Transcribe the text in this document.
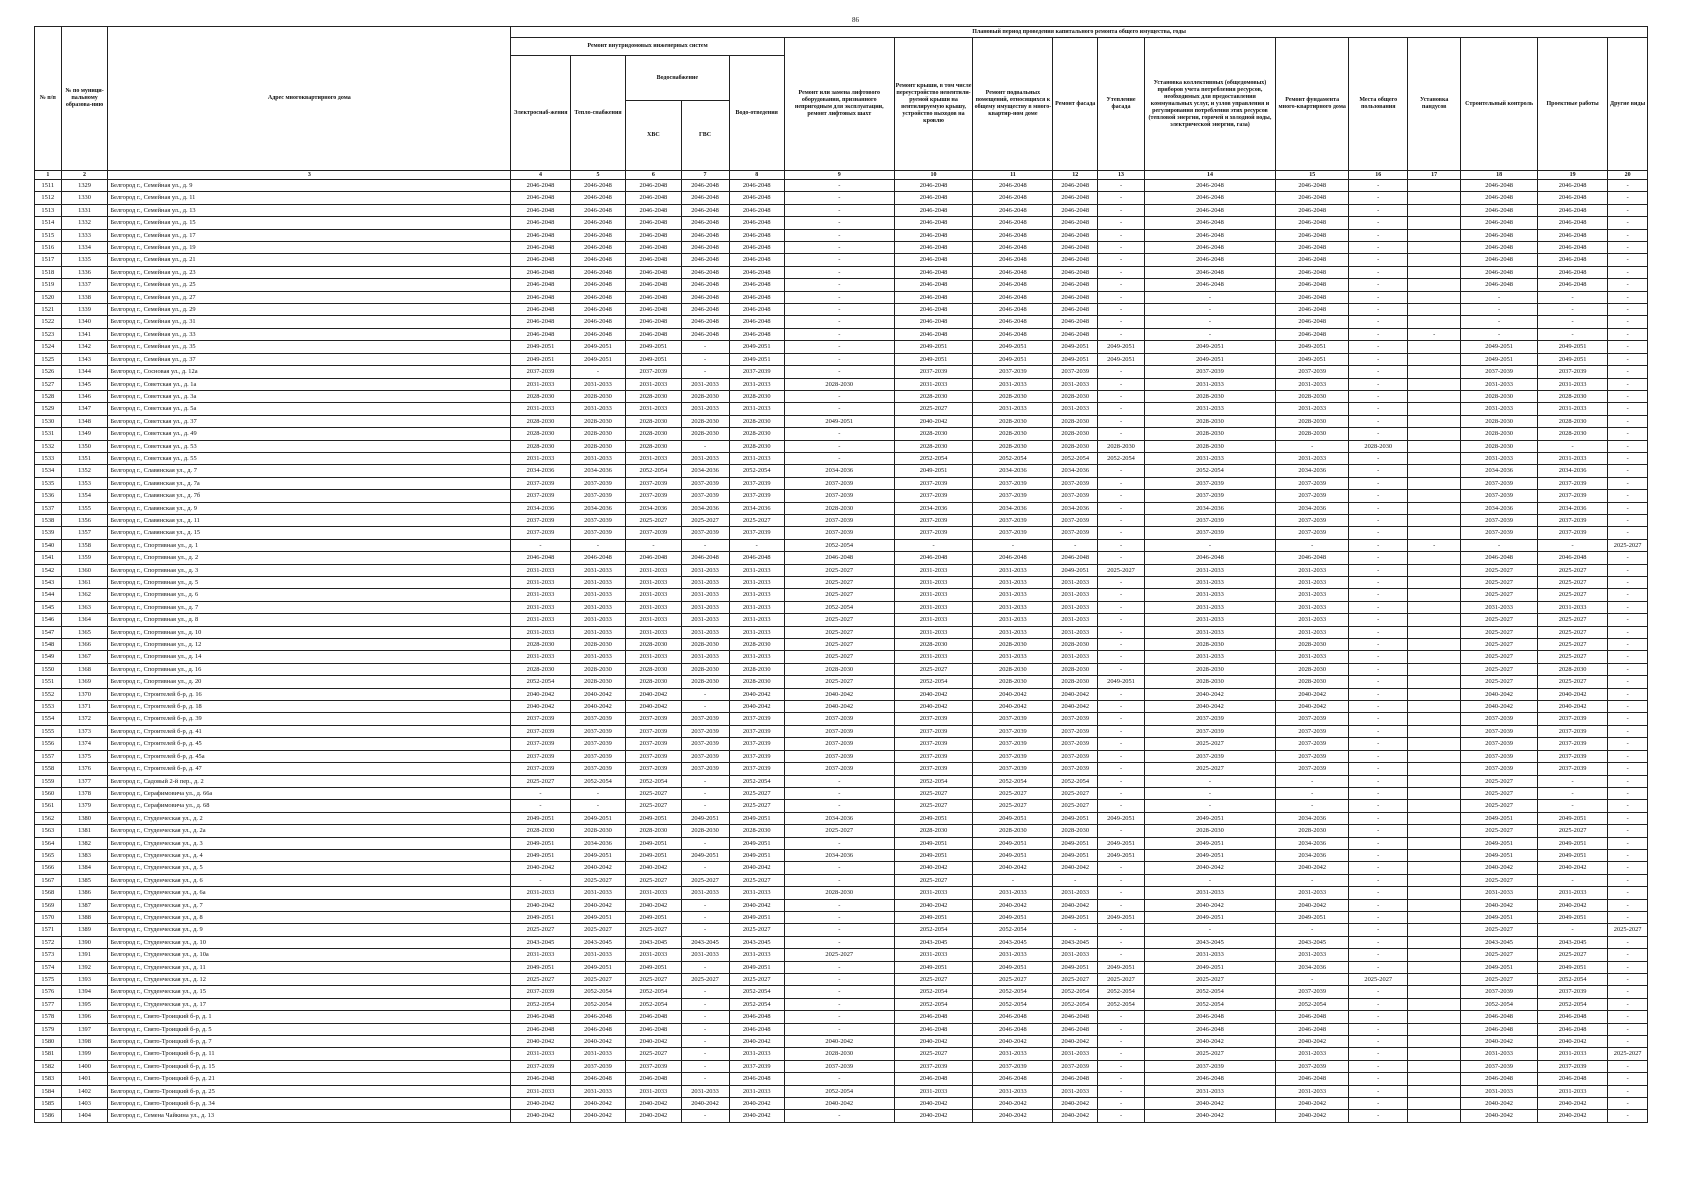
86
№ п/п	№ по муници-пальному образова-нию	Адрес многоквартирного дома	Плановый период проведения капитального ремонта общего имущества, годы																
			Ремонт внутридомовых инженерных систем					Ремонт или замена лифтового оборудования, признанного непригодным для эксплуатации, ремонт лифтовых шахт	Ремонт крыши, в том числе переустройство невентили-руемой крыши на вентилируемую крышу, устройство выходов на кровлю	Ремонт подвальных помещений, относящихся к общему имуществу в много-квартир-ном доме	Ремонт фасада	Утепление фасада	Установка коллективных (общедомовых) приборов учета потребления ресурсов, необходимых для предоставления коммунальных услуг, и узлов управления и регулирования потребления этих ресурсов (тепловой энергии, горячей и холодной воды, электрической энергии, газа)	Ремонт фундамента много-квартирного дома	Места общего пользования	Установка пандусов	Строительный контроль	Проектные работы	Другие виды
			Электроснаб-жения	Тепло-снабжения	Водоснабжение		Водо-отведения												
					ХВС	ГВС													
1	2	3	4	5	6	7	8	9	10	11	12	13	14	15	16	17	18	19	20
1511	1329	Белгород г., Семейная ул., д. 9	2046-2048	2046-2048	2046-2048	2046-2048	2046-2048	-	2046-2048	2046-2048	2046-2048	-	2046-2048	2046-2048	-		2046-2048	2046-2048	-
1512	1330	Белгород г., Семейная ул., д. 11	2046-2048	2046-2048	2046-2048	2046-2048	2046-2048	-	2046-2048	2046-2048	2046-2048	-	2046-2048	2046-2048	-		2046-2048	2046-2048	-
1513	1331	Белгород г., Семейная ул., д. 13	2046-2048	2046-2048	2046-2048	2046-2048	2046-2048	-	2046-2048	2046-2048	2046-2048	-	2046-2048	2046-2048	-		2046-2048	2046-2048	-
1514	1332	Белгород г., Семейная ул., д. 15	2046-2048	2046-2048	2046-2048	2046-2048	2046-2048	-	2046-2048	2046-2048	2046-2048	-	2046-2048	2046-2048	-		2046-2048	2046-2048	-
1515	1333	Белгород г., Семейная ул., д. 17	2046-2048	2046-2048	2046-2048	2046-2048	2046-2048	-	2046-2048	2046-2048	2046-2048	-	2046-2048	2046-2048	-		2046-2048	2046-2048	-
1516	1334	Белгород г., Семейная ул., д. 19	2046-2048	2046-2048	2046-2048	2046-2048	2046-2048	-	2046-2048	2046-2048	2046-2048	-	2046-2048	2046-2048	-		2046-2048	2046-2048	-
1517	1335	Белгород г., Семейная ул., д. 21	2046-2048	2046-2048	2046-2048	2046-2048	2046-2048	-	2046-2048	2046-2048	2046-2048	-	2046-2048	2046-2048	-		2046-2048	2046-2048	-
1518	1336	Белгород г., Семейная ул., д. 23	2046-2048	2046-2048	2046-2048	2046-2048	2046-2048	-	2046-2048	2046-2048	2046-2048	-	2046-2048	2046-2048	-		2046-2048	2046-2048	-
1519	1337	Белгород г., Семейная ул., д. 25	2046-2048	2046-2048	2046-2048	2046-2048	2046-2048	-	2046-2048	2046-2048	2046-2048	-	2046-2048	2046-2048	-		2046-2048	2046-2048	-
1520	1338	Белгород г., Семейная ул., д. 27	2046-2048	2046-2048	2046-2048	2046-2048	2046-2048	-	2046-2048	2046-2048	2046-2048	-	-	2046-2048	-		-	-	-
1521	1339	Белгород г., Семейная ул., д. 29	2046-2048	2046-2048	2046-2048	2046-2048	2046-2048	-	2046-2048	2046-2048	2046-2048	-	-	2046-2048	-		-	-	-
1522	1340	Белгород г., Семейная ул., д. 31	2046-2048	2046-2048	2046-2048	2046-2048	2046-2048	-	2046-2048	2046-2048	2046-2048	-	-	2046-2048	-		-	-	-
1523	1341	Белгород г., Семейная ул., д. 33	2046-2048	2046-2048	2046-2048	2046-2048	2046-2048	-	2046-2048	2046-2048	2046-2048	-	-	2046-2048	-	-	-	-	-
1524	1342	Белгород г., Семейная ул., д. 35	2049-2051	2049-2051	2049-2051	-	2049-2051	-	2049-2051	2049-2051	2049-2051	2049-2051	2049-2051	2049-2051	-		2049-2051	2049-2051	-
1525	1343	Белгород г., Семейная ул., д. 37	2049-2051	2049-2051	2049-2051	-	2049-2051	-	2049-2051	2049-2051	2049-2051	2049-2051	2049-2051	2049-2051	-		2049-2051	2049-2051	-
1526	1344	Белгород г., Сосновая ул., д. 12а	2037-2039	-	2037-2039	-	2037-2039	-	2037-2039	2037-2039	2037-2039	-	2037-2039	2037-2039	-		2037-2039	2037-2039	-
1527	1345	Белгород г., Советская ул., д. 1а	2031-2033	2031-2033	2031-2033	2031-2033	2031-2033	2028-2030	2031-2033	2031-2033	2031-2033	-	2031-2033	2031-2033	-		2031-2033	2031-2033	-
1528	1346	Белгород г., Советская ул., д. 3а	2028-2030	2028-2030	2028-2030	2028-2030	2028-2030	-	2028-2030	2028-2030	2028-2030	-	2028-2030	2028-2030	-		2028-2030	2028-2030	-
1529	1347	Белгород г., Советская ул., д. 5а	2031-2033	2031-2033	2031-2033	2031-2033	2031-2033	-	2025-2027	2031-2033	2031-2033	-	2031-2033	2031-2033	-		2031-2033	2031-2033	-
1530	1348	Белгород г., Советская ул., д. 37	2028-2030	2028-2030	2028-2030	2028-2030	2028-2030	2049-2051	2040-2042	2028-2030	2028-2030	-	2028-2030	2028-2030	-		2028-2030	2028-2030	-
1531	1349	Белгород г., Советская ул., д. 49	2028-2030	2028-2030	2028-2030	2028-2030	2028-2030	-	2028-2030	2028-2030	2028-2030	-	2028-2030	2028-2030	-		2028-2030	2028-2030	-
1532	1350	Белгород г., Советская ул., д. 53	2028-2030	2028-2030	2028-2030	-	2028-2030	-	2028-2030	2028-2030	2028-2030	2028-2030	2028-2030	-	2028-2030		2028-2030	-	-
1533	1351	Белгород г., Советская ул., д. 55	2031-2033	2031-2033	2031-2033	2031-2033	2031-2033	-	2052-2054	2052-2054	2052-2054	2052-2054	2031-2033	2031-2033	-		2031-2033	2031-2033	-
1534	1352	Белгород г., Славянская ул., д. 7	2034-2036	2034-2036	2052-2054	2034-2036	2052-2054	2034-2036	2049-2051	2034-2036	2034-2036	-	2052-2054	2034-2036	-		2034-2036	2034-2036	-
1535	1353	Белгород г., Славянская ул., д. 7а	2037-2039	2037-2039	2037-2039	2037-2039	2037-2039	2037-2039	2037-2039	2037-2039	2037-2039	-	2037-2039	2037-2039	-		2037-2039	2037-2039	-
1536	1354	Белгород г., Славянская ул., д. 7б	2037-2039	2037-2039	2037-2039	2037-2039	2037-2039	2037-2039	2037-2039	2037-2039	2037-2039	-	2037-2039	2037-2039	-		2037-2039	2037-2039	-
1537	1355	Белгород г., Славянская ул., д. 9	2034-2036	2034-2036	2034-2036	2034-2036	2034-2036	2028-2030	2034-2036	2034-2036	2034-2036	-	2034-2036	2034-2036	-		2034-2036	2034-2036	-
1538	1356	Белгород г., Славянская ул., д. 11	2037-2039	2037-2039	2025-2027	2025-2027	2025-2027	2037-2039	2037-2039	2037-2039	2037-2039	-	2037-2039	2037-2039	-		2037-2039	2037-2039	-
1539	1357	Белгород г., Славянская ул., д. 15	2037-2039	2037-2039	2037-2039	2037-2039	2037-2039	2037-2039	2037-2039	2037-2039	2037-2039	-	2037-2039	2037-2039	-		2037-2039	2037-2039	-
1540	1358	Белгород г., Спортивная ул., д. 1	-	-	-	-	-	2052-2054	-	-	-	-	-	-	-	-	-	-	2025-2027
1541	1359	Белгород г., Спортивная ул., д. 2	2046-2048	2046-2048	2046-2048	2046-2048	2046-2048	2046-2048	2046-2048	2046-2048	2046-2048	-	2046-2048	2046-2048	-		2046-2048	2046-2048	-
1542	1360	Белгород г., Спортивная ул., д. 3	2031-2033	2031-2033	2031-2033	2031-2033	2031-2033	2025-2027	2031-2033	2031-2033	2049-2051	2025-2027	2031-2033	2031-2033	-		2025-2027	2025-2027	-
1543	1361	Белгород г., Спортивная ул., д. 5	2031-2033	2031-2033	2031-2033	2031-2033	2031-2033	2025-2027	2031-2033	2031-2033	2031-2033	-	2031-2033	2031-2033	-		2025-2027	2025-2027	-
1544	1362	Белгород г., Спортивная ул., д. 6	2031-2033	2031-2033	2031-2033	2031-2033	2031-2033	2025-2027	2031-2033	2031-2033	2031-2033	-	2031-2033	2031-2033	-		2025-2027	2025-2027	-
1545	1363	Белгород г., Спортивная ул., д. 7	2031-2033	2031-2033	2031-2033	2031-2033	2031-2033	2052-2054	2031-2033	2031-2033	2031-2033	-	2031-2033	2031-2033	-		2031-2033	2031-2033	-
1546	1364	Белгород г., Спортивная ул., д. 8	2031-2033	2031-2033	2031-2033	2031-2033	2031-2033	2025-2027	2031-2033	2031-2033	2031-2033	-	2031-2033	2031-2033	-		2025-2027	2025-2027	-
1547	1365	Белгород г., Спортивная ул., д. 10	2031-2033	2031-2033	2031-2033	2031-2033	2031-2033	2025-2027	2031-2033	2031-2033	2031-2033	-	2031-2033	2031-2033	-		2025-2027	2025-2027	-
1548	1366	Белгород г., Спортивная ул., д. 12	2028-2030	2028-2030	2028-2030	2028-2030	2028-2030	2025-2027	2028-2030	2028-2030	2028-2030	-	2028-2030	2028-2030	-		2025-2027	2025-2027	-
1549	1367	Белгород г., Спортивная ул., д. 14	2031-2033	2031-2033	2031-2033	2031-2033	2031-2033	2025-2027	2031-2033	2031-2033	2031-2033	-	2031-2033	2031-2033	-		2025-2027	2025-2027	-
1550	1368	Белгород г., Спортивная ул., д. 16	2028-2030	2028-2030	2028-2030	2028-2030	2028-2030	2028-2030	2025-2027	2028-2030	2028-2030	-	2028-2030	2028-2030	-		2025-2027	2028-2030	-
1551	1369	Белгород г., Спортивная ул., д. 20	2052-2054	2028-2030	2028-2030	2028-2030	2028-2030	2025-2027	2052-2054	2028-2030	2028-2030	2049-2051	2028-2030	2028-2030	-		2025-2027	2025-2027	-
1552	1370	Белгород г., Строителей б-р, д. 16	2040-2042	2040-2042	2040-2042	-	2040-2042	2040-2042	2040-2042	2040-2042	2040-2042	-	2040-2042	2040-2042	-		2040-2042	2040-2042	-
1553	1371	Белгород г., Строителей б-р, д. 18	2040-2042	2040-2042	2040-2042	-	2040-2042	2040-2042	2040-2042	2040-2042	2040-2042	-	2040-2042	2040-2042	-		2040-2042	2040-2042	-
1554	1372	Белгород г., Строителей б-р, д. 39	2037-2039	2037-2039	2037-2039	2037-2039	2037-2039	2037-2039	2037-2039	2037-2039	2037-2039	-	2037-2039	2037-2039	-		2037-2039	2037-2039	-
1555	1373	Белгород г., Строителей б-р, д. 41	2037-2039	2037-2039	2037-2039	2037-2039	2037-2039	2037-2039	2037-2039	2037-2039	2037-2039	-	2037-2039	2037-2039	-		2037-2039	2037-2039	-
1556	1374	Белгород г., Строителей б-р, д. 45	2037-2039	2037-2039	2037-2039	2037-2039	2037-2039	2037-2039	2037-2039	2037-2039	2037-2039	-	2025-2027	2037-2039	-		2037-2039	2037-2039	-
1557	1375	Белгород г., Строителей б-р, д. 45а	2037-2039	2037-2039	2037-2039	2037-2039	2037-2039	2037-2039	2037-2039	2037-2039	2037-2039	-	2037-2039	2037-2039	-		2037-2039	2037-2039	-
1558	1376	Белгород г., Строителей б-р, д. 47	2037-2039	2037-2039	2037-2039	2037-2039	2037-2039	2037-2039	2037-2039	2037-2039	2037-2039	-	2025-2027	2037-2039	-		2037-2039	2037-2039	-
1559	1377	Белгород г., Садовый 2-й пер., д. 2	2025-2027	2052-2054	2052-2054	-	2052-2054	-	2052-2054	2052-2054	2052-2054	-	-	-	-		2025-2027	-	-
1560	1378	Белгород г., Серафимовича ул., д. 66а	-	-	2025-2027	-	2025-2027	-	2025-2027	2025-2027	2025-2027	-	-	-	-		2025-2027	-	-
1561	1379	Белгород г., Серафимовича ул., д. 68	-	-	2025-2027	-	2025-2027	-	2025-2027	2025-2027	2025-2027	-	-	-	-		2025-2027	-	-
1562	1380	Белгород г., Студенческая ул., д. 2	2049-2051	2049-2051	2049-2051	2049-2051	2049-2051	2034-2036	2049-2051	2049-2051	2049-2051	2049-2051	2049-2051	2034-2036	-		2049-2051	2049-2051	-
1563	1381	Белгород г., Студенческая ул., д. 2а	2028-2030	2028-2030	2028-2030	2028-2030	2028-2030	2025-2027	2028-2030	2028-2030	2028-2030	-	2028-2030	2028-2030	-		2025-2027	2025-2027	-
1564	1382	Белгород г., Студенческая ул., д. 3	2049-2051	2034-2036	2049-2051	-	2049-2051	-	2049-2051	2049-2051	2049-2051	2049-2051	2049-2051	2034-2036	-		2049-2051	2049-2051	-
1565	1383	Белгород г., Студенческая ул., д. 4	2049-2051	2049-2051	2049-2051	2049-2051	2049-2051	2034-2036	2049-2051	2049-2051	2049-2051	2049-2051	2049-2051	2034-2036	-		2049-2051	2049-2051	-
1566	1384	Белгород г., Студенческая ул., д. 5	2040-2042	2040-2042	2040-2042	-	2040-2042	-	2040-2042	2040-2042	2040-2042	-	2040-2042	2040-2042	-		2040-2042	2040-2042	-
1567	1385	Белгород г., Студенческая ул., д. 6	-	2025-2027	2025-2027	2025-2027	2025-2027	-	2025-2027	-	-	-	-	-	-		2025-2027	-	-
1568	1386	Белгород г., Студенческая ул., д. 6а	2031-2033	2031-2033	2031-2033	2031-2033	2031-2033	2028-2030	2031-2033	2031-2033	2031-2033	-	2031-2033	2031-2033	-		2031-2033	2031-2033	-
1569	1387	Белгород г., Студенческая ул., д. 7	2040-2042	2040-2042	2040-2042	-	2040-2042	-	2040-2042	2040-2042	2040-2042	-	2040-2042	2040-2042	-		2040-2042	2040-2042	-
1570	1388	Белгород г., Студенческая ул., д. 8	2049-2051	2049-2051	2049-2051	-	2049-2051	-	2049-2051	2049-2051	2049-2051	2049-2051	2049-2051	2049-2051	-		2049-2051	2049-2051	-
1571	1389	Белгород г., Студенческая ул., д. 9	2025-2027	2025-2027	2025-2027	-	2025-2027	-	2052-2054	2052-2054	-	-	-	-	-		2025-2027	-	2025-2027
1572	1390	Белгород г., Студенческая ул., д. 10	2043-2045	2043-2045	2043-2045	2043-2045	2043-2045	-	2043-2045	2043-2045	2043-2045	-	2043-2045	2043-2045	-		2043-2045	2043-2045	-
1573	1391	Белгород г., Студенческая ул., д. 10а	2031-2033	2031-2033	2031-2033	2031-2033	2031-2033	2025-2027	2031-2033	2031-2033	2031-2033	-	2031-2033	2031-2033	-		2025-2027	2025-2027	-
1574	1392	Белгород г., Студенческая ул., д. 11	2049-2051	2049-2051	2049-2051	-	2049-2051	-	2049-2051	2049-2051	2049-2051	2049-2051	2049-2051	2034-2036	-		2049-2051	2049-2051	-
1575	1393	Белгород г., Студенческая ул., д. 12	2025-2027	2025-2027	2025-2027	2025-2027	2025-2027	-	2025-2027	2025-2027	2025-2027	2025-2027	2025-2027	-	2025-2027		2025-2027	2052-2054	-
1576	1394	Белгород г., Студенческая ул., д. 15	2037-2039	2052-2054	2052-2054	-	2052-2054	-	2052-2054	2052-2054	2052-2054	2052-2054	2052-2054	2037-2039	-		2037-2039	2037-2039	-
1577	1395	Белгород г., Студенческая ул., д. 17	2052-2054	2052-2054	2052-2054	-	2052-2054	-	2052-2054	2052-2054	2052-2054	2052-2054	2052-2054	2052-2054	-		2052-2054	2052-2054	-
1578	1396	Белгород г., Свято-Троицкий б-р, д. 1	2046-2048	2046-2048	2046-2048	-	2046-2048	-	2046-2048	2046-2048	2046-2048	-	2046-2048	2046-2048	-		2046-2048	2046-2048	-
1579	1397	Белгород г., Свято-Троицкий б-р, д. 5	2046-2048	2046-2048	2046-2048	-	2046-2048	-	2046-2048	2046-2048	2046-2048	-	2046-2048	2046-2048	-		2046-2048	2046-2048	-
1580	1398	Белгород г., Свято-Троицкий б-р, д. 7	2040-2042	2040-2042	2040-2042	-	2040-2042	2040-2042	2040-2042	2040-2042	2040-2042	-	2040-2042	2040-2042	-		2040-2042	2040-2042	-
1581	1399	Белгород г., Свято-Троицкий б-р, д. 11	2031-2033	2031-2033	2025-2027	-	2031-2033	2028-2030	2025-2027	2031-2033	2031-2033	-	2025-2027	2031-2033	-		2031-2033	2031-2033	2025-2027
1582	1400	Белгород г., Свято-Троицкий б-р, д. 15	2037-2039	2037-2039	2037-2039	-	2037-2039	2037-2039	2037-2039	2037-2039	2037-2039	-	2037-2039	2037-2039	-		2037-2039	2037-2039	-
1583	1401	Белгород г., Свято-Троицкий б-р, д. 21	2046-2048	2046-2048	2046-2048	-	2046-2048	-	2046-2048	2046-2048	2046-2048	-	2046-2048	2046-2048	-		2046-2048	2046-2048	-
1584	1402	Белгород г., Свято-Троицкий б-р, д. 25	2031-2033	2031-2033	2031-2033	2031-2033	2031-2033	2052-2054	2031-2033	2031-2033	2031-2033	-	2031-2033	2031-2033	-		2031-2033	2031-2033	-
1585	1403	Белгород г., Свято-Троицкий б-р, д. 34	2040-2042	2040-2042	2040-2042	2040-2042	2040-2042	2040-2042	2040-2042	2040-2042	2040-2042	-	2040-2042	2040-2042	-		2040-2042	2040-2042	-
1586	1404	Белгород г., Семена Чайкина ул., д. 13	2040-2042	2040-2042	2040-2042	-	2040-2042	-	2040-2042	2040-2042	2040-2042	-	2040-2042	2040-2042	-		2040-2042	2040-2042	-
